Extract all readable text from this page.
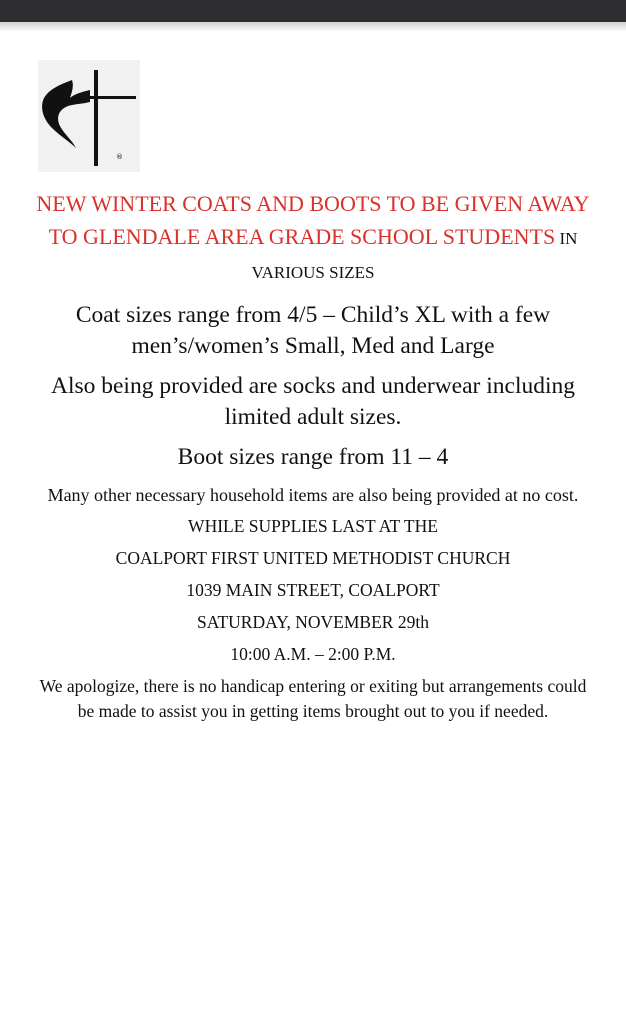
®

NEW WINTER COATS AND BOOTS TO BE GIVEN AWAY TO GLENDALE AREA GRADE SCHOOL STUDENTS IN VARIOUS SIZES

Coat sizes range from 4/5 – Child’s XL with a few men’s/women’s Small, Med and Large

Also being provided are socks and underwear including limited adult sizes.

Boot sizes range from 11 – 4

Many other necessary household items are also being provided at no cost.

WHILE SUPPLIES LAST AT THE

COALPORT FIRST UNITED METHODIST CHURCH

1039 MAIN STREET, COALPORT

SATURDAY, NOVEMBER 29th

10:00 A.M. – 2:00 P.M.

We apologize, there is no handicap entering or exiting but arrangements could be made to assist you in getting items brought out to you if needed.
